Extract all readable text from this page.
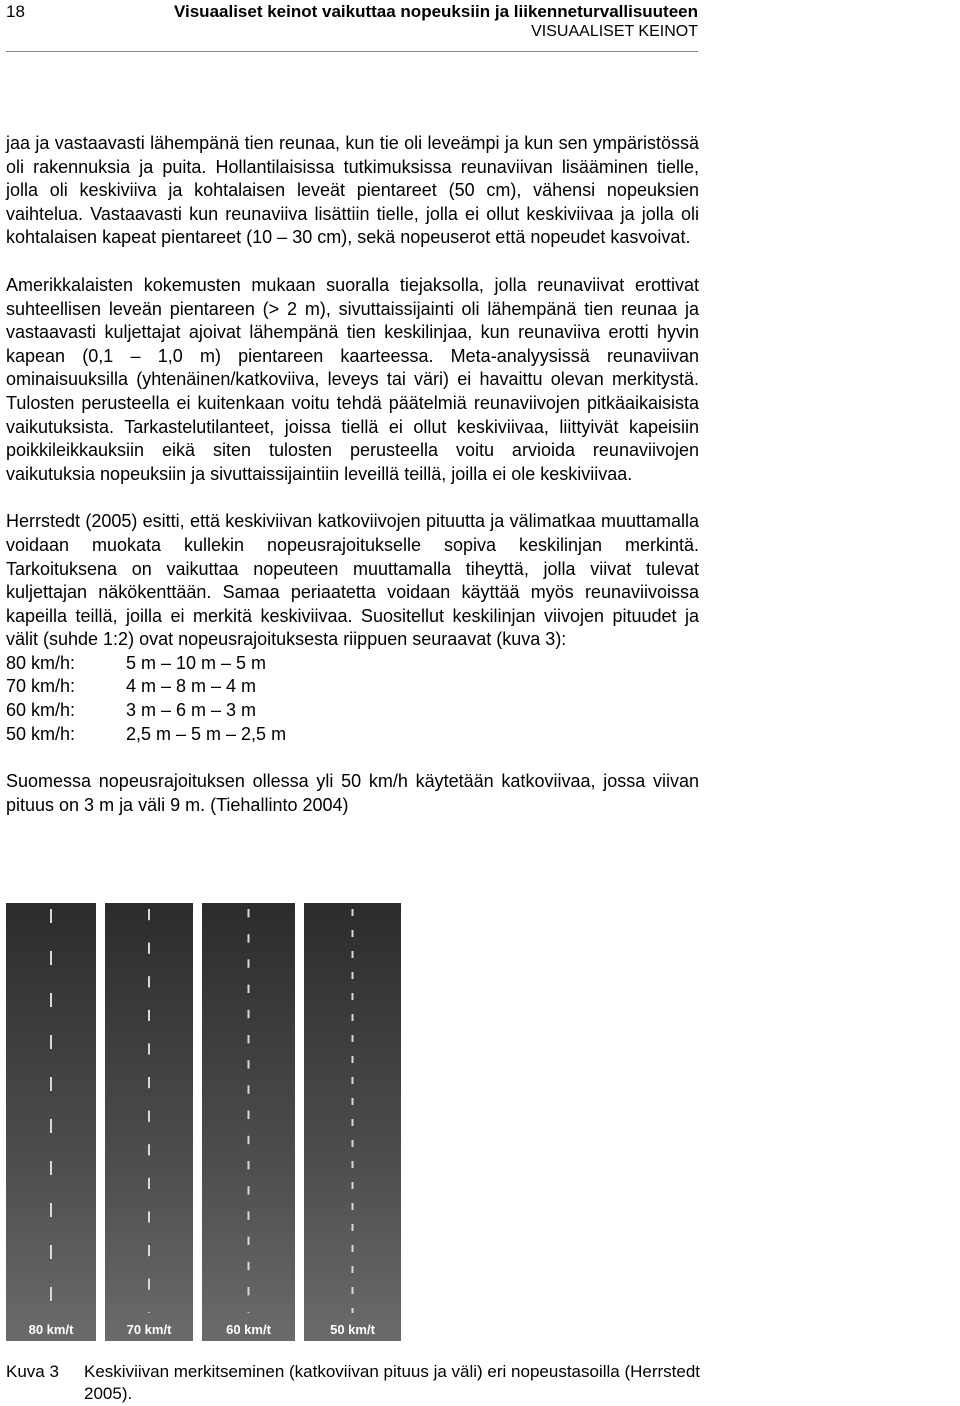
18	Visuaaliset keinot vaikuttaa nopeuksiin ja liikenneturvallisuuteen
VISUAALISET KEINOT

jaa ja vastaavasti lähempänä tien reunaa, kun tie oli leveämpi ja kun sen ympäristössä oli rakennuksia ja puita. Hollantilaisissa tutkimuksissa reunaviivan lisääminen tielle, jolla oli keskiviiva ja kohtalaisen leveät pientareet (50 cm), vähensi nopeuksien vaihtelua. Vastaavasti kun reunaviiva lisättiin tielle, jolla ei ollut keskiviivaa ja jolla oli kohtalaisen kapeat pientareet (10 – 30 cm), sekä nopeuserot että nopeudet kasvoivat.

Amerikkalaisten kokemusten mukaan suoralla tiejaksolla, jolla reunaviivat erottivat suhteellisen leveän pientareen (> 2 m), sivuttaissijainti oli lähempänä tien reunaa ja vastaavasti kuljettajat ajoivat lähempänä tien keskilinjaa, kun reunaviiva erotti hyvin kapean (0,1 – 1,0 m) pientareen kaarteessa. Meta-analyysissä reunaviivan ominaisuuksilla (yhtenäinen/katkoviiva, leveys tai väri) ei havaittu olevan merkitystä. Tulosten perusteella ei kuitenkaan voitu tehdä päätelmiä reunaviivojen pitkäaikaisista vaikutuksista. Tarkastelutilanteet, joissa tiellä ei ollut keskiviivaa, liittyivät kapeisiin poikkileikkauksiin eikä siten tulosten perusteella voitu arvioida reunaviivojen vaikutuksia nopeuksiin ja sivuttaissijaintiin leveillä teillä, joilla ei ole keskiviivaa.

Herrstedt (2005) esitti, että keskiviivan katkoviivojen pituutta ja välimatkaa muuttamalla voidaan muokata kullekin nopeusrajoitukselle sopiva keskilinjan merkintä. Tarkoituksena on vaikuttaa nopeuteen muuttamalla tiheyttä, jolla viivat tulevat kuljettajan näkökenttään. Samaa periaatetta voidaan käyttää myös reunaviivoissa kapeilla teillä, joilla ei merkitä keskiviivaa. Suositellut keskilinjan viivojen pituudet ja välit (suhde 1:2) ovat nopeusrajoituksesta riippuen seuraavat (kuva 3):

80 km/h:	5 m – 10 m – 5 m
70 km/h:	4 m – 8 m – 4 m
60 km/h:	3 m – 6 m – 3 m
50 km/h:	2,5 m – 5 m – 2,5 m

Suomessa nopeusrajoituksen ollessa yli 50 km/h käytetään katkoviivaa, jossa viivan pituus on 3 m ja väli 9 m. (Tiehallinto 2004)

80 km/t	70 km/t	60 km/t	50 km/t
Kuva 3 Keskiviivan merkitseminen (katkoviivan pituus ja väli) eri nopeustasoilla (Herrstedt 2005).
